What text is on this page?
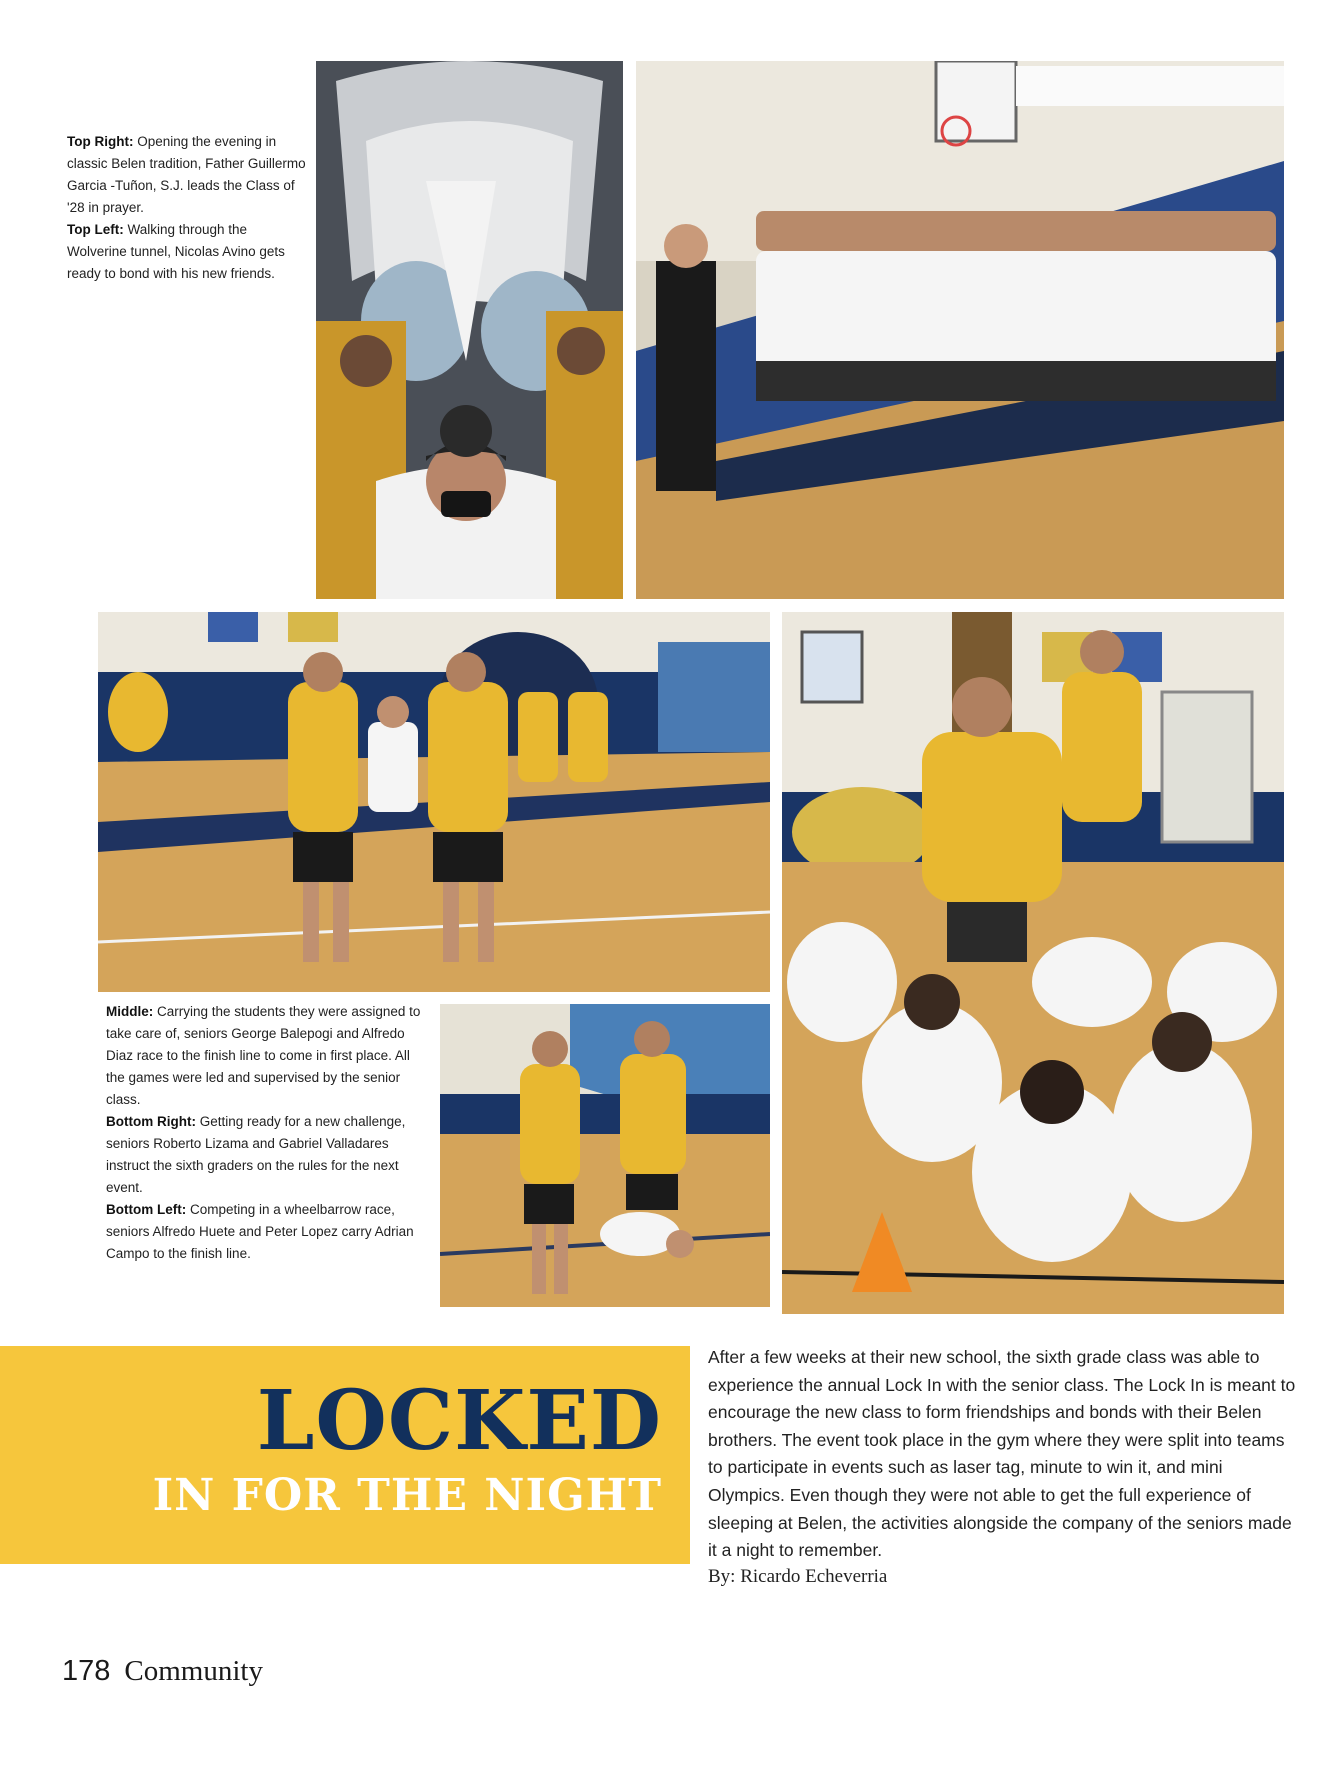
Middle: Carrying the students they were assigned to take care of, seniors George Balepogi and Alfredo Diaz race to the finish line to come in first place. All the games were led and supervised by the senior class.

Bottom Right: Getting ready for a new challenge, seniors Roberto Lizama and Gabriel Valladares instruct the sixth graders on the rules for the next event.

Bottom Left: Competing in a wheelbarrow race, seniors Alfredo Huete and Peter Lopez carry Adrian Campo to the finish line.

Top Right: Opening the evening in classic Belen tradition, Father Guillermo Garcia -Tuñon, S.J. leads the Class of '28 in prayer.

Top Left: Walking through the Wolverine tunnel, Nicolas Avino gets ready to bond with his new friends.

LOCKED
IN FOR THE NIGHT

After a few weeks at their new school, the sixth grade class was able to experience the annual Lock In with the senior class. The Lock In is meant to encourage the new class to form friendships and bonds with their Belen brothers. The event took place in the gym where they were split into teams to participate in events such as laser tag, minute to win it, and mini Olympics. Even though they were not able to get the full experience of sleeping at Belen, the activities alongside the company of the seniors made it a night to remember.

By: Ricardo Echeverria
178 Community
